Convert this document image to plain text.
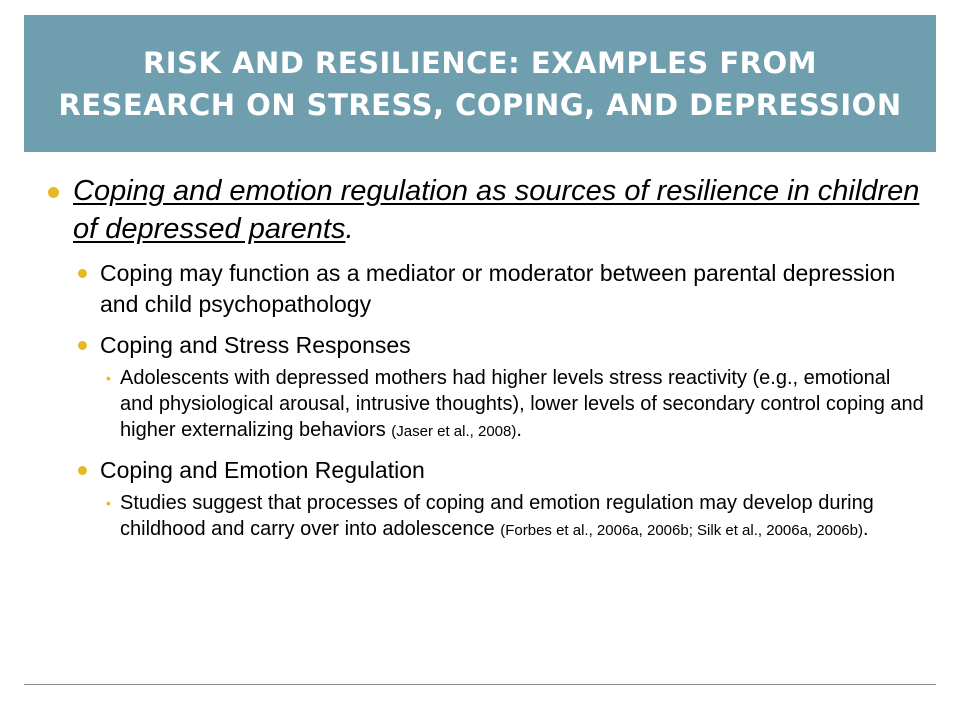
RISK AND RESILIENCE: EXAMPLES FROM RESEARCH ON STRESS, COPING, AND DEPRESSION
Coping and emotion regulation as sources of resilience in children of depressed parents.
Coping may function as a mediator or moderator between parental depression and child psychopathology
Coping and Stress Responses
• Adolescents with depressed mothers had higher levels stress reactivity (e.g., emotional and physiological arousal, intrusive thoughts), lower levels of secondary control coping and higher externalizing behaviors (Jaser et al., 2008).
Coping and Emotion Regulation
• Studies suggest that processes of coping and emotion regulation may develop during childhood and carry over into adolescence (Forbes et al., 2006a, 2006b; Silk et al., 2006a, 2006b).
